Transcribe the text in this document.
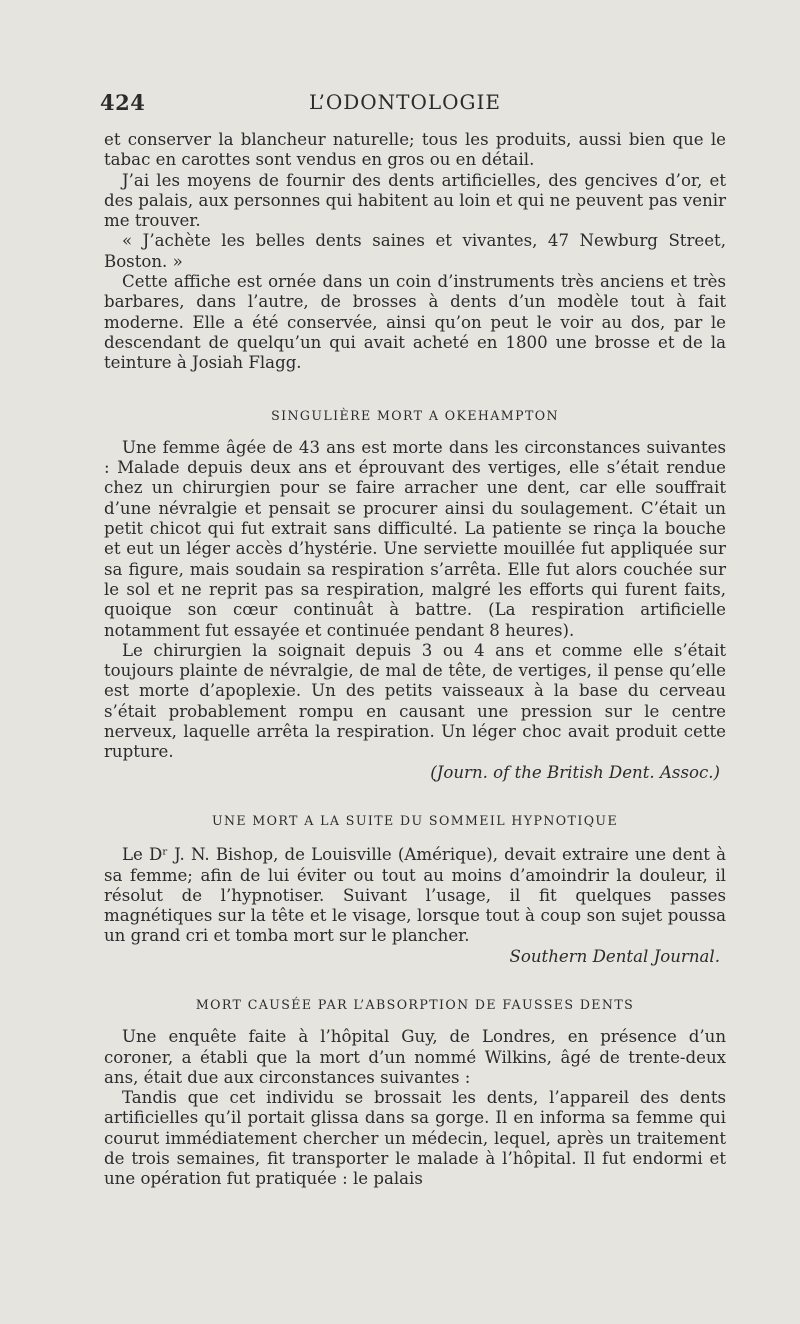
424	L’ODONTOLOGIE

et conserver la blancheur naturelle; tous les produits, aussi bien que le tabac en carottes sont vendus en gros ou en détail.

J’ai les moyens de fournir des dents artificielles, des gencives d’or, et des palais, aux personnes qui habitent au loin et qui ne peuvent pas venir me trouver.

« J’achète les belles dents saines et vivantes, 47 Newburg Street, Boston. »

Cette affiche est ornée dans un coin d’instruments très anciens et très barbares, dans l’autre, de brosses à dents d’un modèle tout à fait moderne. Elle a été conservée, ainsi qu’on peut le voir au dos, par le descendant de quelqu’un qui avait acheté en 1800 une brosse et de la teinture à Josiah Flagg.

SINGULIÈRE MORT A OKEHAMPTON

Une femme âgée de 43 ans est morte dans les circonstances suivantes : Malade depuis deux ans et éprouvant des vertiges, elle s’était rendue chez un chirurgien pour se faire arracher une dent, car elle souffrait d’une névralgie et pensait se procurer ainsi du soulagement. C’était un petit chicot qui fut extrait sans difficulté. La patiente se rinça la bouche et eut un léger accès d’hystérie. Une serviette mouillée fut appliquée sur sa figure, mais soudain sa respiration s’arrêta. Elle fut alors couchée sur le sol et ne reprit pas sa respiration, malgré les efforts qui furent faits, quoique son cœur continuât à battre. (La respiration artificielle notamment fut essayée et continuée pendant 8 heures).

Le chirurgien la soignait depuis 3 ou 4 ans et comme elle s’était toujours plainte de névralgie, de mal de tête, de vertiges, il pense qu’elle est morte d’apoplexie. Un des petits vaisseaux à la base du cerveau s’était probablement rompu en causant une pression sur le centre nerveux, laquelle arrêta la respiration. Un léger choc avait produit cette rupture.

(Journ. of the British Dent. Assoc.)

UNE MORT A LA SUITE DU SOMMEIL HYPNOTIQUE

Le Dʳ J. N. Bishop, de Louisville (Amérique), devait extraire une dent à sa femme; afin de lui éviter ou tout au moins d’amoindrir la douleur, il résolut de l’hypnotiser. Suivant l’usage, il fit quelques passes magnétiques sur la tête et le visage, lorsque tout à coup son sujet poussa un grand cri et tomba mort sur le plancher.

Southern Dental Journal.

MORT CAUSÉE PAR L’ABSORPTION DE FAUSSES DENTS

Une enquête faite à l’hôpital Guy, de Londres, en présence d’un coroner, a établi que la mort d’un nommé Wilkins, âgé de trente-deux ans, était due aux circonstances suivantes :

Tandis que cet individu se brossait les dents, l’appareil des dents artificielles qu’il portait glissa dans sa gorge. Il en informa sa femme qui courut immédiatement chercher un médecin, lequel, après un traitement de trois semaines, fit transporter le malade à l’hôpital. Il fut endormi et une opération fut pratiquée : le palais
